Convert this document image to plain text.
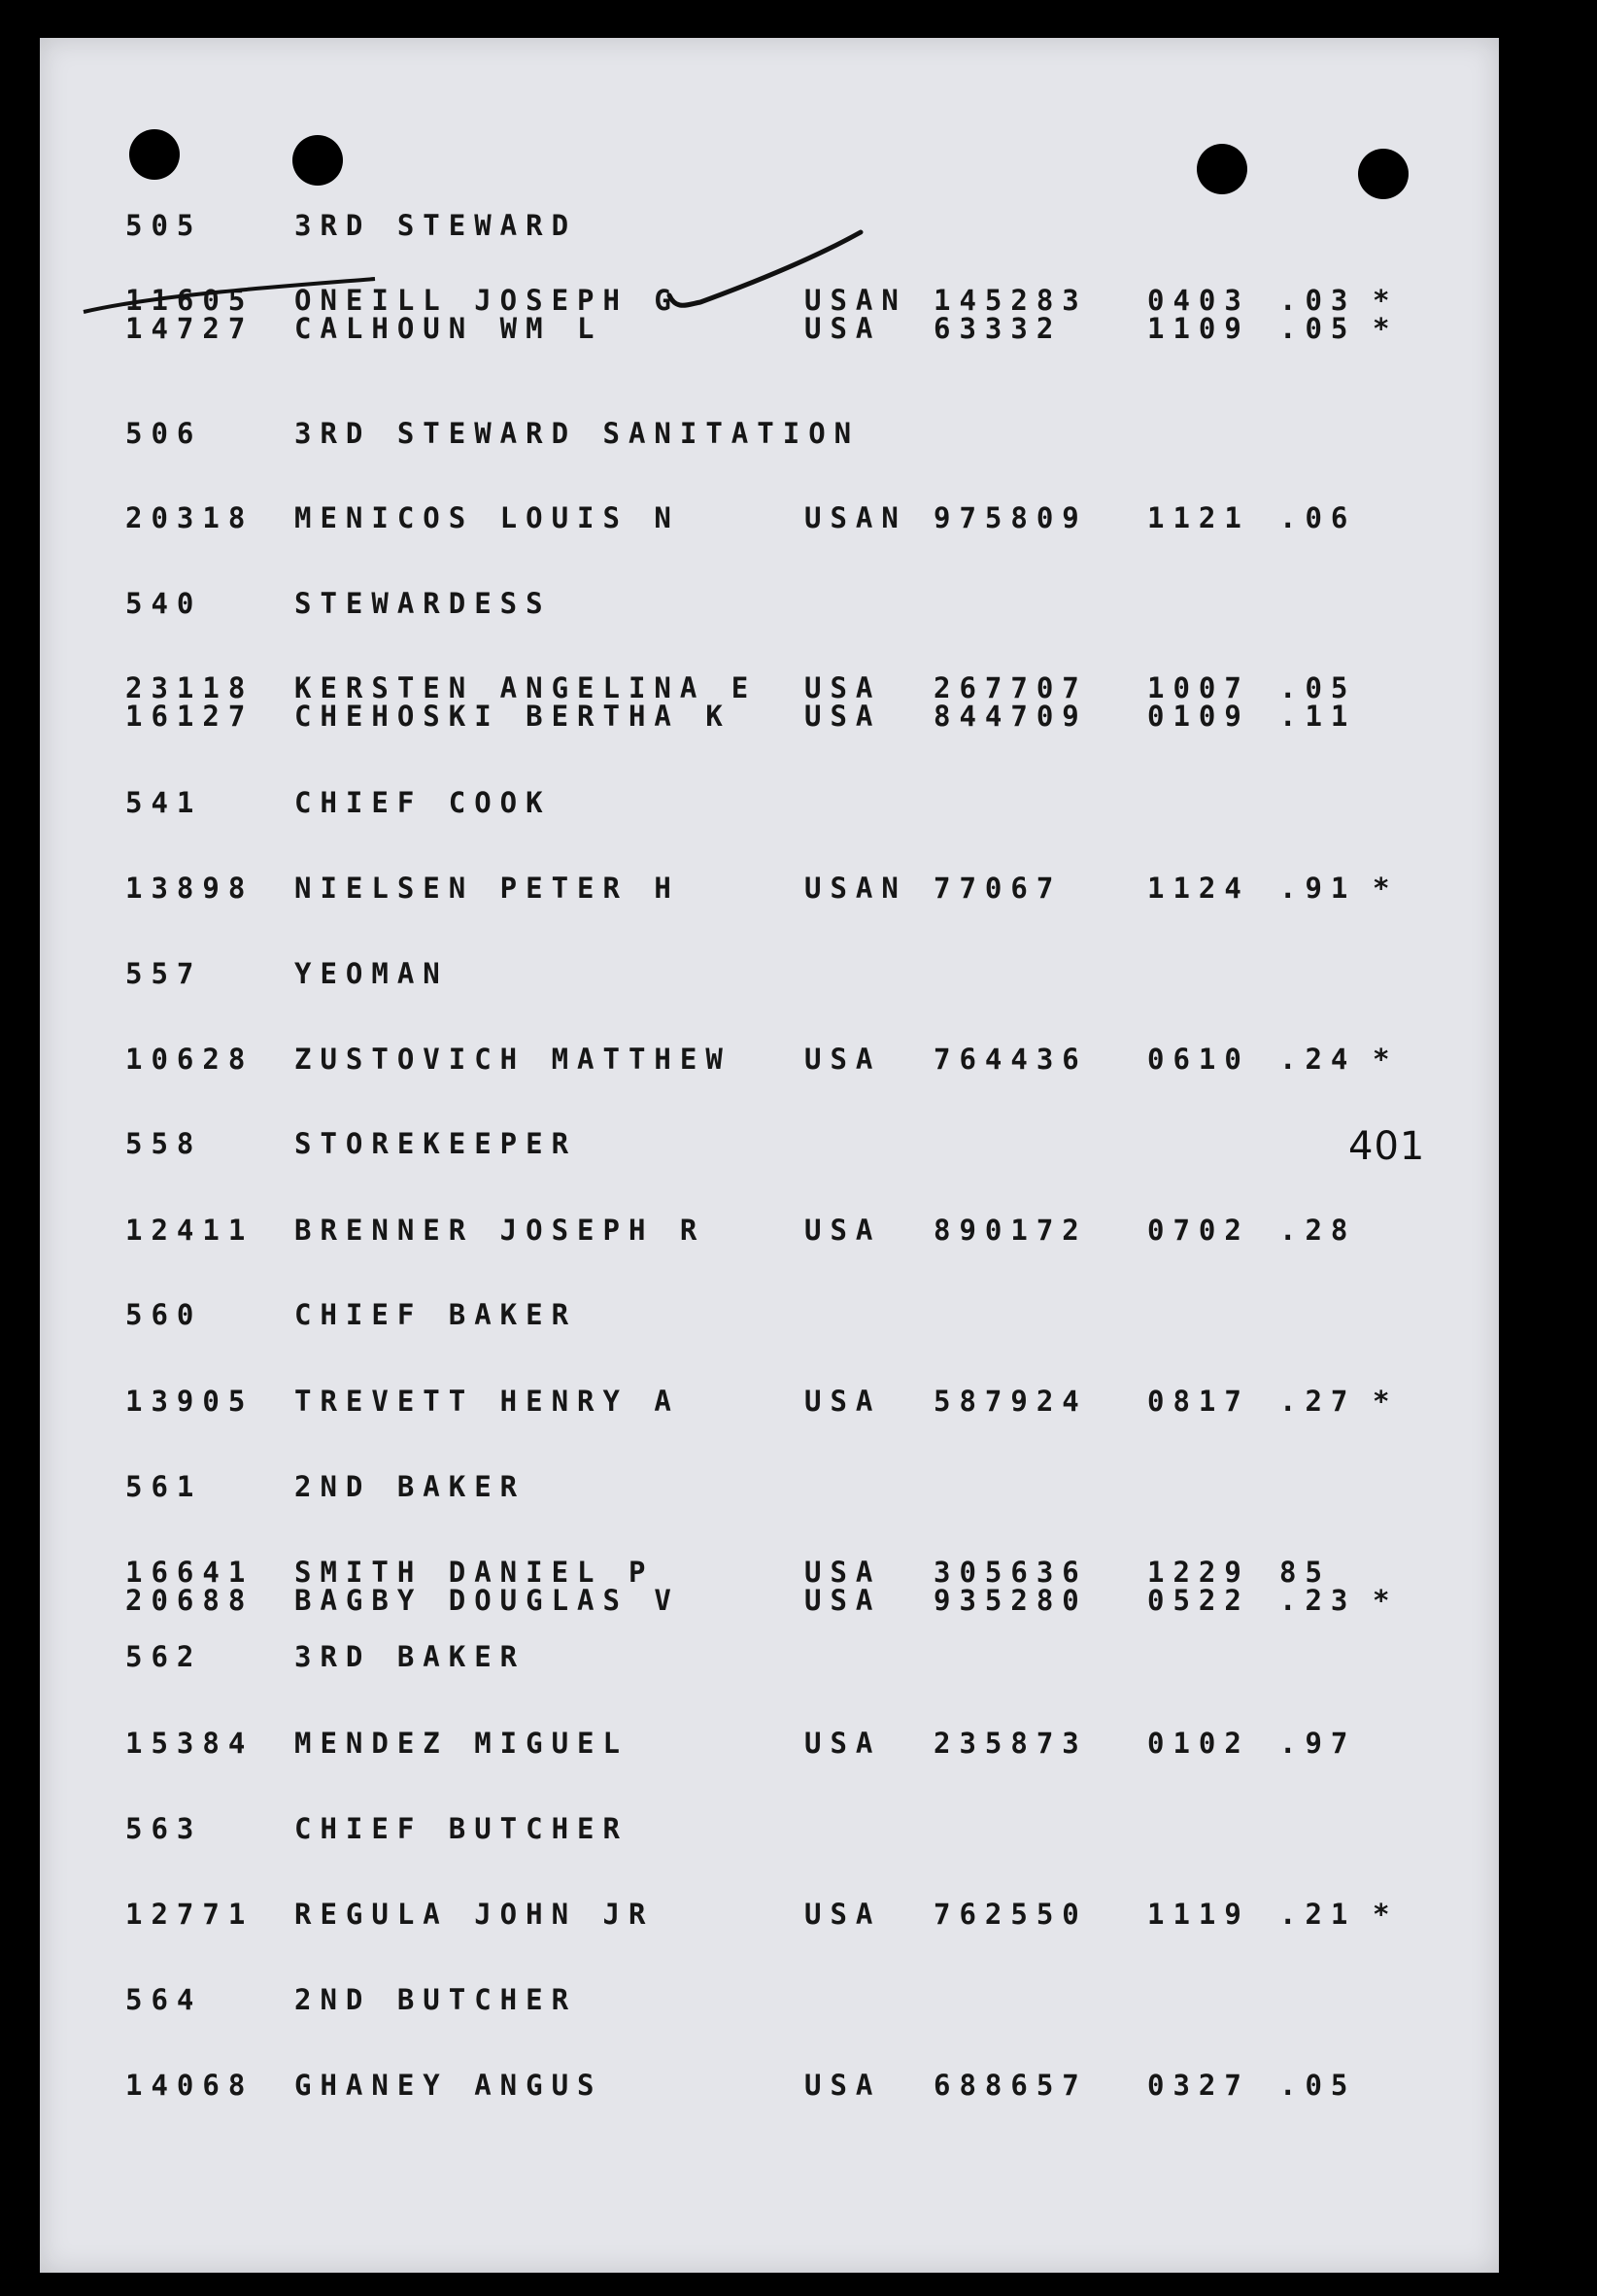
505	3RD STEWARD
11605 ONEILL JOSEPH G	USAN 145283 0403 .03 *
14727 CALHOUN WM L	USA 63332	1109 .05 *
506	3RD STEWARD SANITATION
20318 MENICOS LOUIS N	USAN 975809 1121 .06
540	STEWARDESS
23118 KERSTEN ANGELINA E USA 267707 1007 .05
16127 CHEHOSKI BERTHA K	USA 844709 0109 .11
541	CHIEF COOK
13898 NIELSEN PETER H	USAN 77067	1124 .91 *
557	YEOMAN
10628 ZUSTOVICH MATTHEW	USA 764436 0610 .24 *
558	STOREKEEPER
12411 BRENNER JOSEPH R	USA 890172 0702 .28
560	CHIEF BAKER
13905 TREVETT HENRY A	USA 587924 0817 .27 *
561	2ND BAKER
16641 SMITH DANIEL P	USA 305636 1229 85
20688 BAGBY DOUGLAS V	USA 935280 0522 .23 *
562	3RD BAKER
15384 MENDEZ MIGUEL	USA 235873 0102 .97
563	CHIEF BUTCHER
12771 REGULA JOHN JR	USA 762550 1119 .21 *
564	2ND BUTCHER
14068 GHANEY ANGUS	USA 688657 0327 .05
401
